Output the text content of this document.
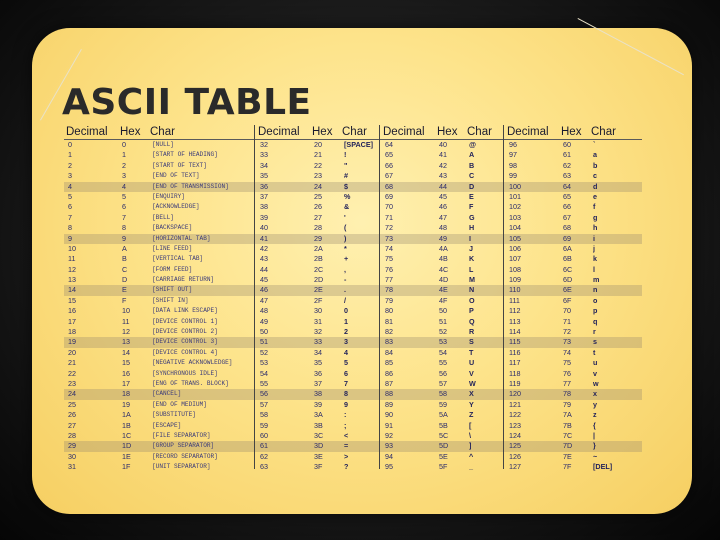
ASCII TABLE
Decimal Hex Char	Decimal Hex Char Decimal Hex Char Decimal Hex Char
0	0	[NULL]	32	20	[SPACE]	64	40	@	96	60	`
1	1	[START OF HEADING]	33	21	!	65	41	A	97	61	a
2	2	[START OF TEXT]	34	22	"	66	42	B	98	62	b
3	3	[END OF TEXT]	35	23	#	67	43	C	99	63	c
4	4	[END OF TRANSMISSION]	36	24	$	68	44	D	100	64	d
5	5	[ENQUIRY]	37	25	%	69	45	E	101	65	e
6	6	[ACKNOWLEDGE]	38	26	&	70	46	F	102	66	f
7	7	[BELL]	39	27	'	71	47	G	103	67	g
8	8	[BACKSPACE]	40	28	(	72	48	H	104	68	h
9	9	[HORIZONTAL TAB]	41	29	)	73	49	I	105	69	i
10	A	[LINE FEED]	42	2A	*	74	4A	J	106	6A	j
11	B	[VERTICAL TAB]	43	2B	+	75	4B	K	107	6B	k
12	C	[FORM FEED]	44	2C	,	76	4C	L	108	6C	l
13	D	[CARRIAGE RETURN]	45	2D	-	77	4D	M	109	6D	m
14	E	[SHIFT OUT]	46	2E	.	78	4E	N	110	6E	n
15	F	[SHIFT IN]	47	2F	/	79	4F	O	111	6F	o
16	10	[DATA LINK ESCAPE]	48	30	0	80	50	P	112	70	p
17	11	[DEVICE CONTROL 1]	49	31	1	81	51	Q	113	71	q
18	12	[DEVICE CONTROL 2]	50	32	2	82	52	R	114	72	r
19	13	[DEVICE CONTROL 3]	51	33	3	83	53	S	115	73	s
20	14	[DEVICE CONTROL 4]	52	34	4	84	54	T	116	74	t
21	15	[NEGATIVE ACKNOWLEDGE]	53	35	5	85	55	U	117	75	u
22	16	[SYNCHRONOUS IDLE]	54	36	6	86	56	V	118	76	v
23	17	[ENG OF TRANS. BLOCK]	55	37	7	87	57	W	119	77	w
24	18	[CANCEL]	56	38	8	88	58	X	120	78	x
25	19	[END OF MEDIUM]	57	39	9	89	59	Y	121	79	y
26	1A	[SUBSTITUTE]	58	3A	:	90	5A	Z	122	7A	z
27	1B	[ESCAPE]	59	3B	;	91	5B	[	123	7B	{
28	1C	[FILE SEPARATOR]	60	3C	<	92	5C	\	124	7C	|
29	1D	[GROUP SEPARATOR]	61	3D	=	93	5D	]	125	7D	}
30	1E	[RECORD SEPARATOR]	62	3E	>	94	5E	^	126	7E	~
31	1F	[UNIT SEPARATOR]	63	3F	?	95	5F	_	127	7F	[DEL]
